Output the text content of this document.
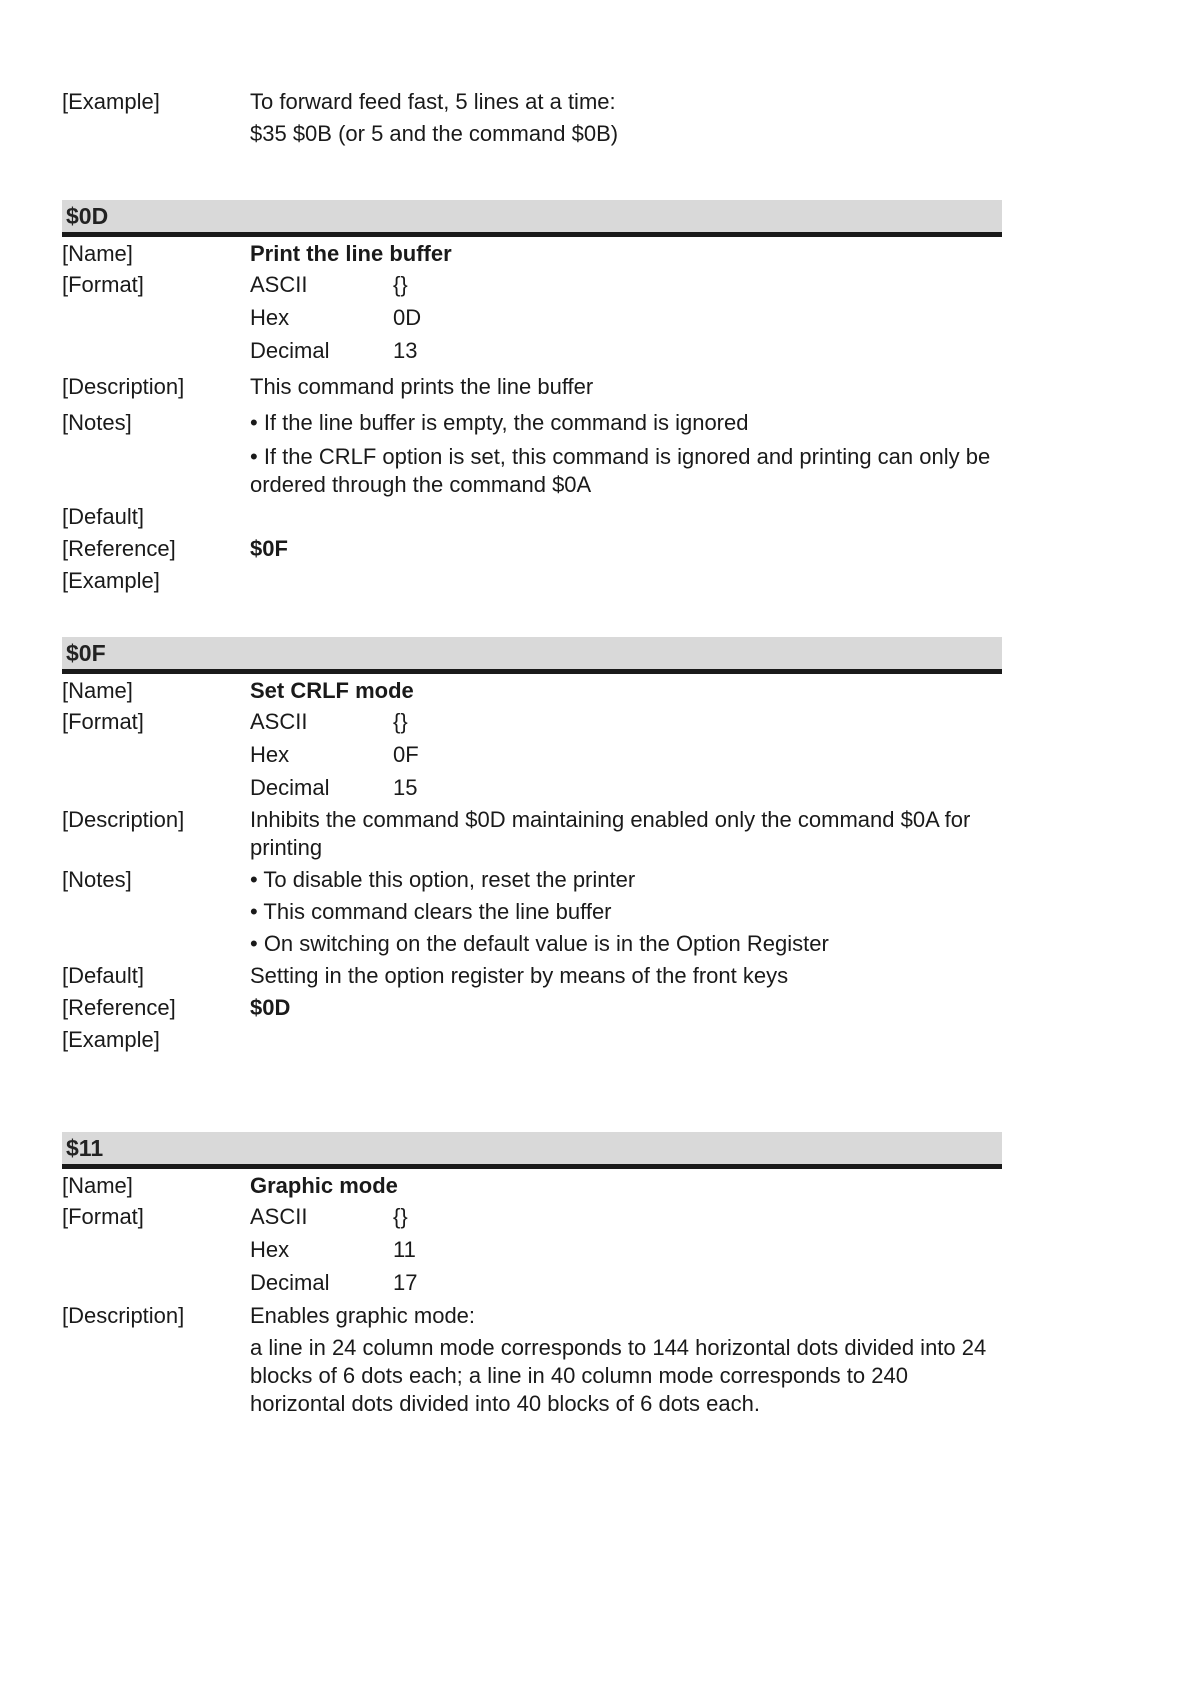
[Example]	To forward feed fast, 5 lines at a time:
$35 $0B (or 5 and the command $0B)
$0D
[Name]	Print the line buffer
[Format]	ASCII	{}
Hex	0D
Decimal	13
[Description]	This command prints the line buffer
[Notes]	• If the line buffer is empty, the command is ignored
• If the CRLF option is set, this command is ignored and printing can only be ordered through the command $0A
[Default]
[Reference]	$0F
[Example]
$0F
[Name]	Set CRLF mode
[Format]	ASCII	{}
Hex	0F
Decimal	15
[Description]	Inhibits the command $0D maintaining enabled only the command $0A for printing
[Notes]	• To disable this option, reset the printer
• This command clears the line buffer
• On switching on the default value is in the Option Register
[Default]	Setting in the option register by means of the front keys
[Reference]	$0D
[Example]
$11
[Name]	Graphic mode
[Format]	ASCII	{}
Hex	11
Decimal	17
[Description]	Enables graphic mode:
a line in 24 column mode corresponds to 144 horizontal dots divided into 24 blocks of 6 dots each; a line in 40 column mode corresponds to 240 horizontal dots divided into 40 blocks of 6 dots each.
